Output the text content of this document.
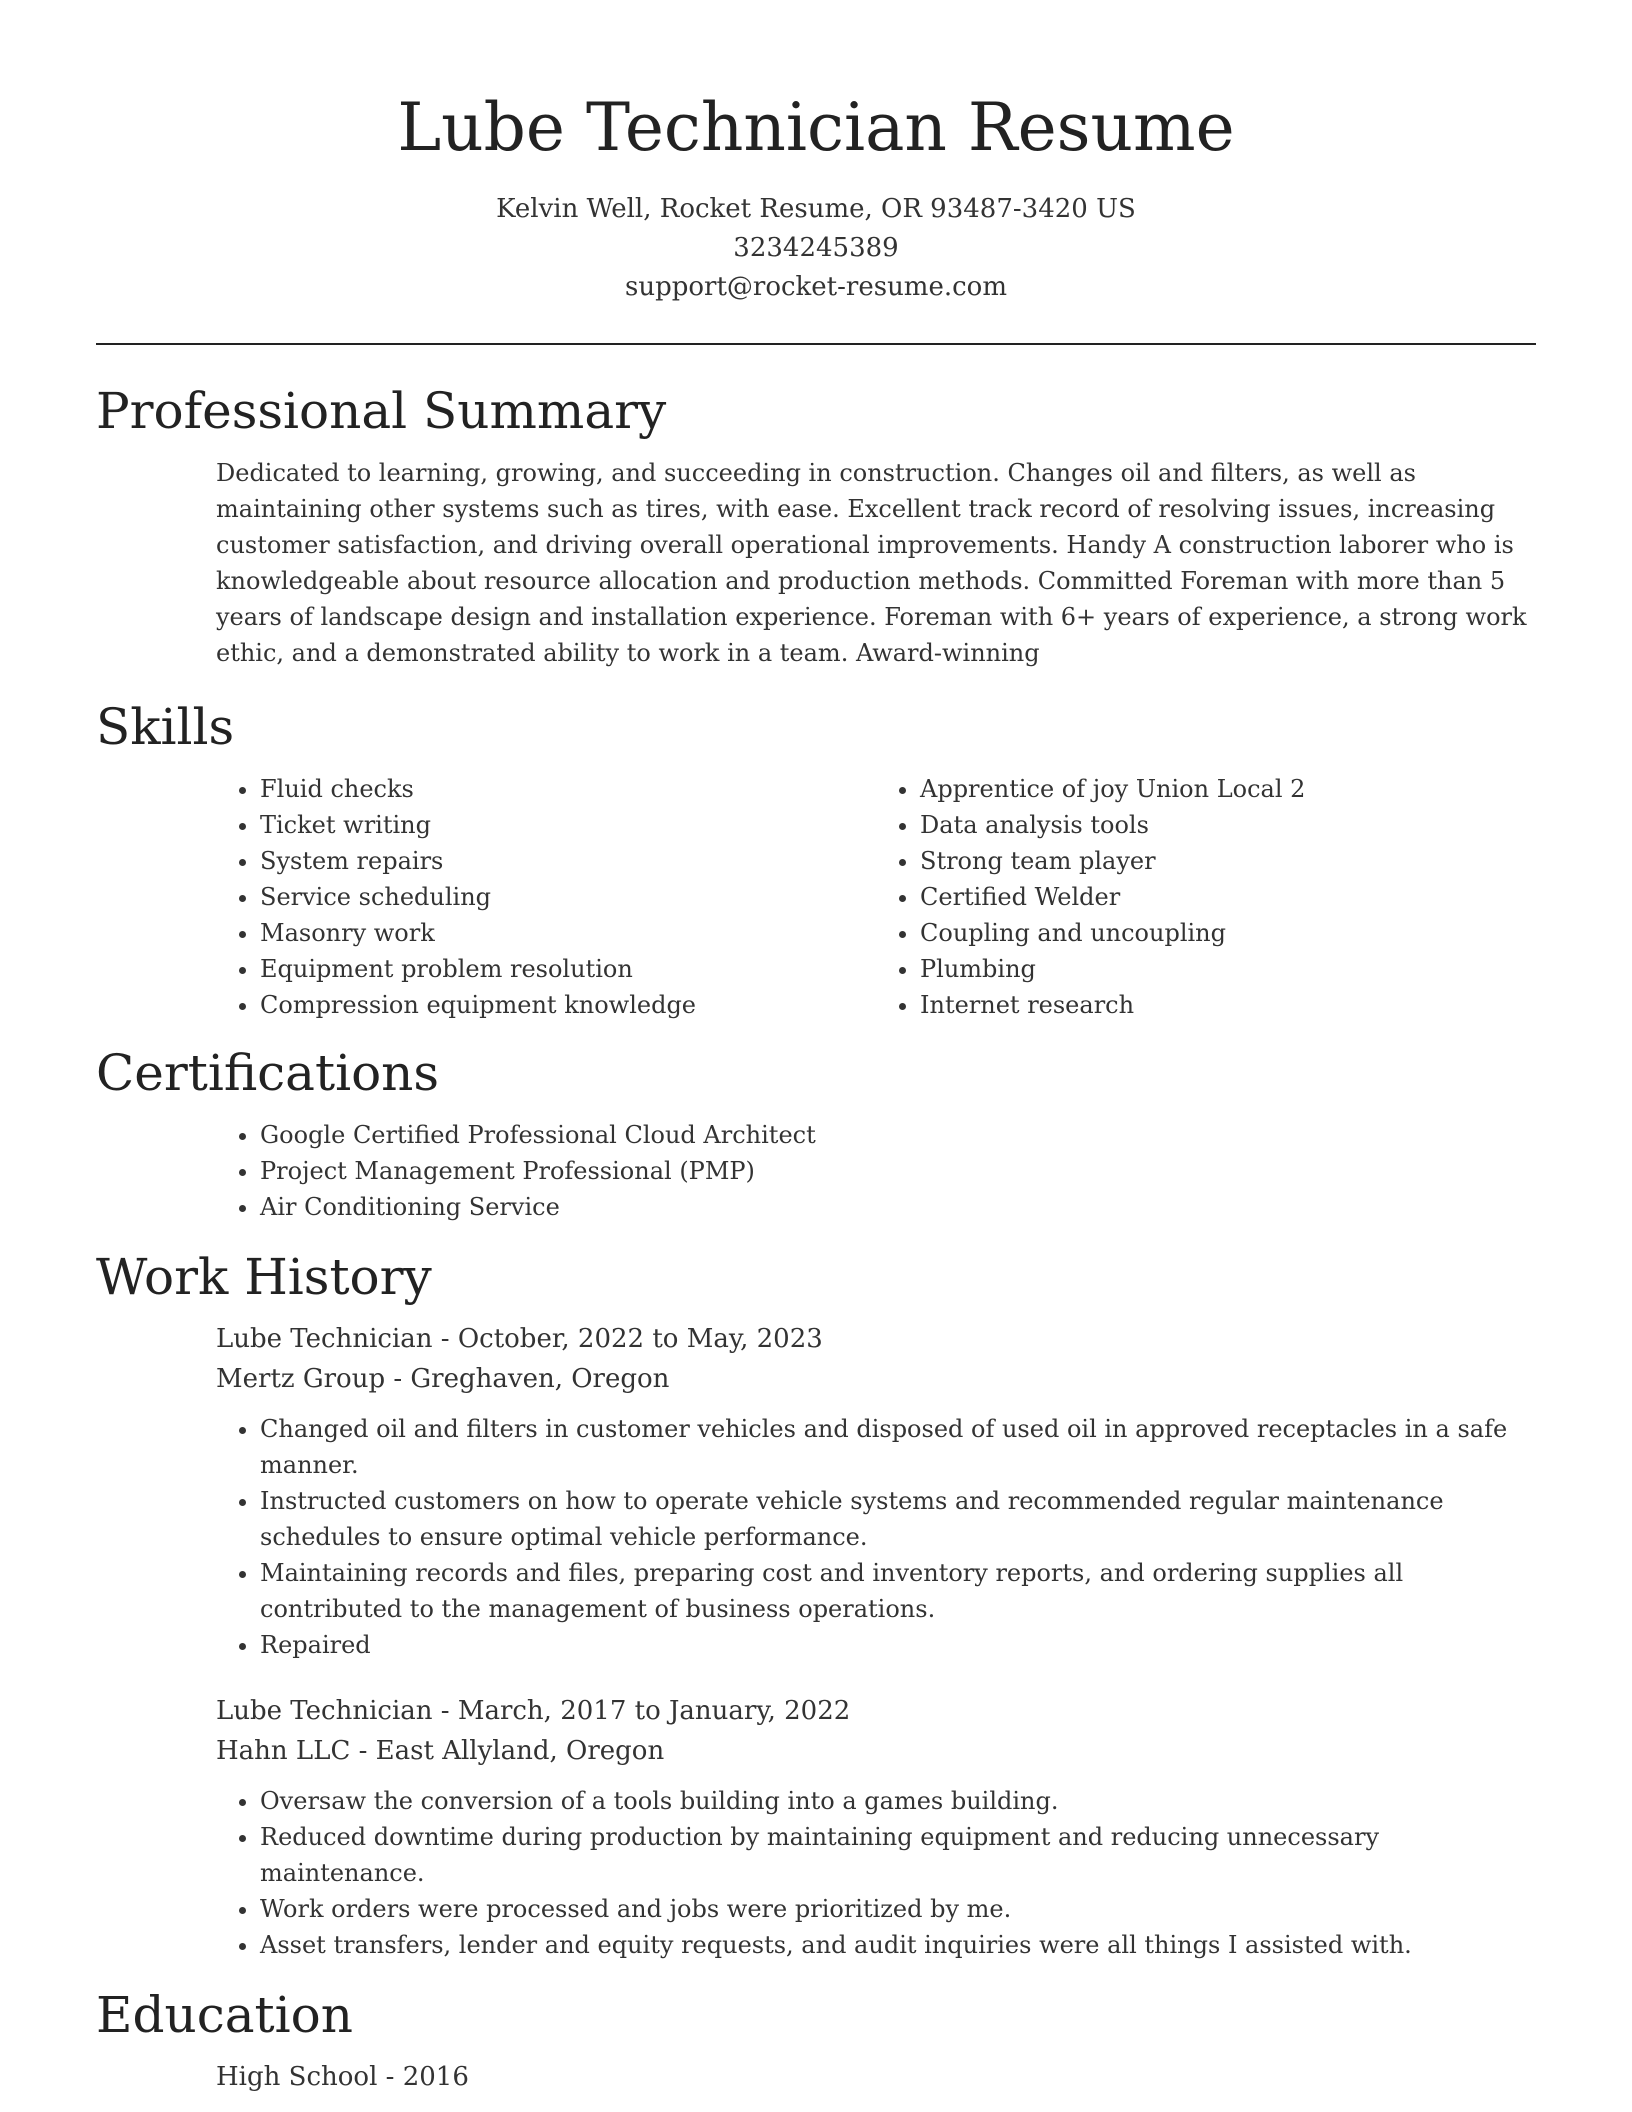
Lube Technician Resume
Kelvin Well, Rocket Resume, OR 93487-3420 US
3234245389
support@rocket-resume.com
Professional Summary

Dedicated to learning, growing, and succeeding in construction. Changes oil and filters, as well as maintaining other systems such as tires, with ease. Excellent track record of resolving issues, increasing customer satisfaction, and driving overall operational improvements. Handy A construction laborer who is knowledgeable about resource allocation and production methods. Committed Foreman with more than 5 years of landscape design and installation experience. Foreman with 6+ years of experience, a strong work ethic, and a demonstrated ability to work in a team. Award-winning

Skills
• Fluid checks
• Ticket writing
• System repairs
• Service scheduling
• Masonry work
• Equipment problem resolution
• Compression equipment knowledge
• Apprentice of joy Union Local 2
• Data analysis tools
• Strong team player
• Certified Welder
• Coupling and uncoupling
• Plumbing
• Internet research
Certifications
• Google Certified Professional Cloud Architect
• Project Management Professional (PMP)
• Air Conditioning Service
Work History
Lube Technician - October, 2022 to May, 2023
Mertz Group - Greghaven, Oregon
• Changed oil and filters in customer vehicles and disposed of used oil in approved receptacles in a safe manner.
• Instructed customers on how to operate vehicle systems and recommended regular maintenance schedules to ensure optimal vehicle performance.
• Maintaining records and files, preparing cost and inventory reports, and ordering supplies all contributed to the management of business operations.
• Repaired
Lube Technician - March, 2017 to January, 2022
Hahn LLC - East Allyland, Oregon
• Oversaw the conversion of a tools building into a games building.
• Reduced downtime during production by maintaining equipment and reducing unnecessary maintenance.
• Work orders were processed and jobs were prioritized by me.
• Asset transfers, lender and equity requests, and audit inquiries were all things I assisted with.
Education
High School - 2016
